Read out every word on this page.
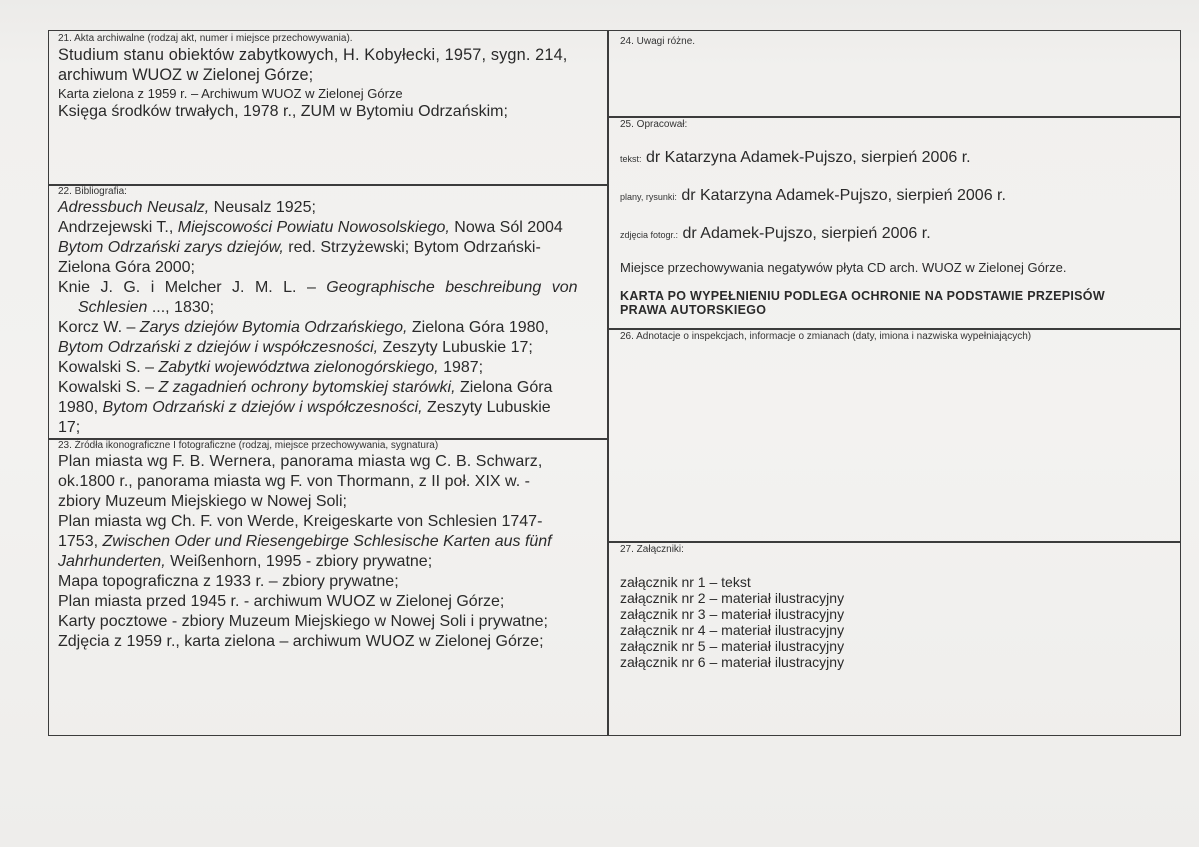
21. Akta archiwalne (rodzaj akt, numer i miejsce przechowywania).
Studium stanu obiektów zabytkowych, H. Kobyłecki, 1957, sygn. 214,
archiwum WUOZ w Zielonej Górze;
Karta zielona z 1959 r. – Archiwum WUOZ w Zielonej Górze
Księga środków trwałych, 1978 r., ZUM w Bytomiu Odrzańskim;
22. Bibliografia:
Adressbuch Neusalz, Neusalz 1925;
Andrzejewski T., Miejscowości Powiatu Nowosolskiego, Nowa Sól 2004
Bytom Odrzański zarys dziejów, red. Strzyżewski; Bytom Odrzański-
Zielona Góra 2000;
Knie J. G. i Melcher J. M. L. – Geographische beschreibung von
Schlesien ..., 1830;
Korcz W. – Zarys dziejów Bytomia Odrzańskiego, Zielona Góra 1980,
Bytom Odrzański z dziejów i współczesności, Zeszyty Lubuskie 17;
Kowalski S. – Zabytki województwa zielonogórskiego, 1987;
Kowalski S. – Z zagadnień ochrony bytomskiej starówki, Zielona Góra
1980, Bytom Odrzański z dziejów i współczesności, Zeszyty Lubuskie
17;
23. Źródła ikonograficzne I fotograficzne (rodzaj, miejsce przechowywania, sygnatura)
Plan miasta wg F. B. Wernera, panorama miasta wg C. B. Schwarz,
ok.1800 r., panorama miasta wg F. von Thormann, z II poł. XIX w. -
zbiory Muzeum Miejskiego w Nowej Soli;
Plan miasta wg Ch. F. von Werde, Kreigeskarte von Schlesien 1747-
1753, Zwischen Oder und Riesengebirge Schlesische Karten aus fünf
Jahrhunderten, Weißenhorn, 1995 - zbiory prywatne;
Mapa topograficzna z 1933 r. – zbiory prywatne;
Plan miasta przed 1945 r. - archiwum WUOZ w Zielonej Górze;
Karty pocztowe - zbiory Muzeum Miejskiego w Nowej Soli i prywatne;
Zdjęcia z 1959 r., karta zielona – archiwum WUOZ w Zielonej Górze;
24. Uwagi różne.
25. Opracował:
tekst: dr Katarzyna Adamek-Pujszo, sierpień 2006 r.
plany, rysunki: dr Katarzyna Adamek-Pujszo, sierpień 2006 r.
zdjęcia fotogr.: dr Adamek-Pujszo, sierpień 2006 r.
Miejsce przechowywania negatywów płyta CD arch. WUOZ w Zielonej Górze.
KARTA PO WYPEŁNIENIU PODLEGA OCHRONIE NA PODSTAWIE PRZEPISÓW
PRAWA AUTORSKIEGO
26. Adnotacje o inspekcjach, informacje o zmianach (daty, imiona i nazwiska wypełniających)
27. Załączniki:
załącznik nr 1 – tekst
załącznik nr 2 – materiał ilustracyjny
załącznik nr 3 – materiał ilustracyjny
załącznik nr 4 – materiał ilustracyjny
załącznik nr 5 – materiał ilustracyjny
załącznik nr 6 – materiał ilustracyjny
